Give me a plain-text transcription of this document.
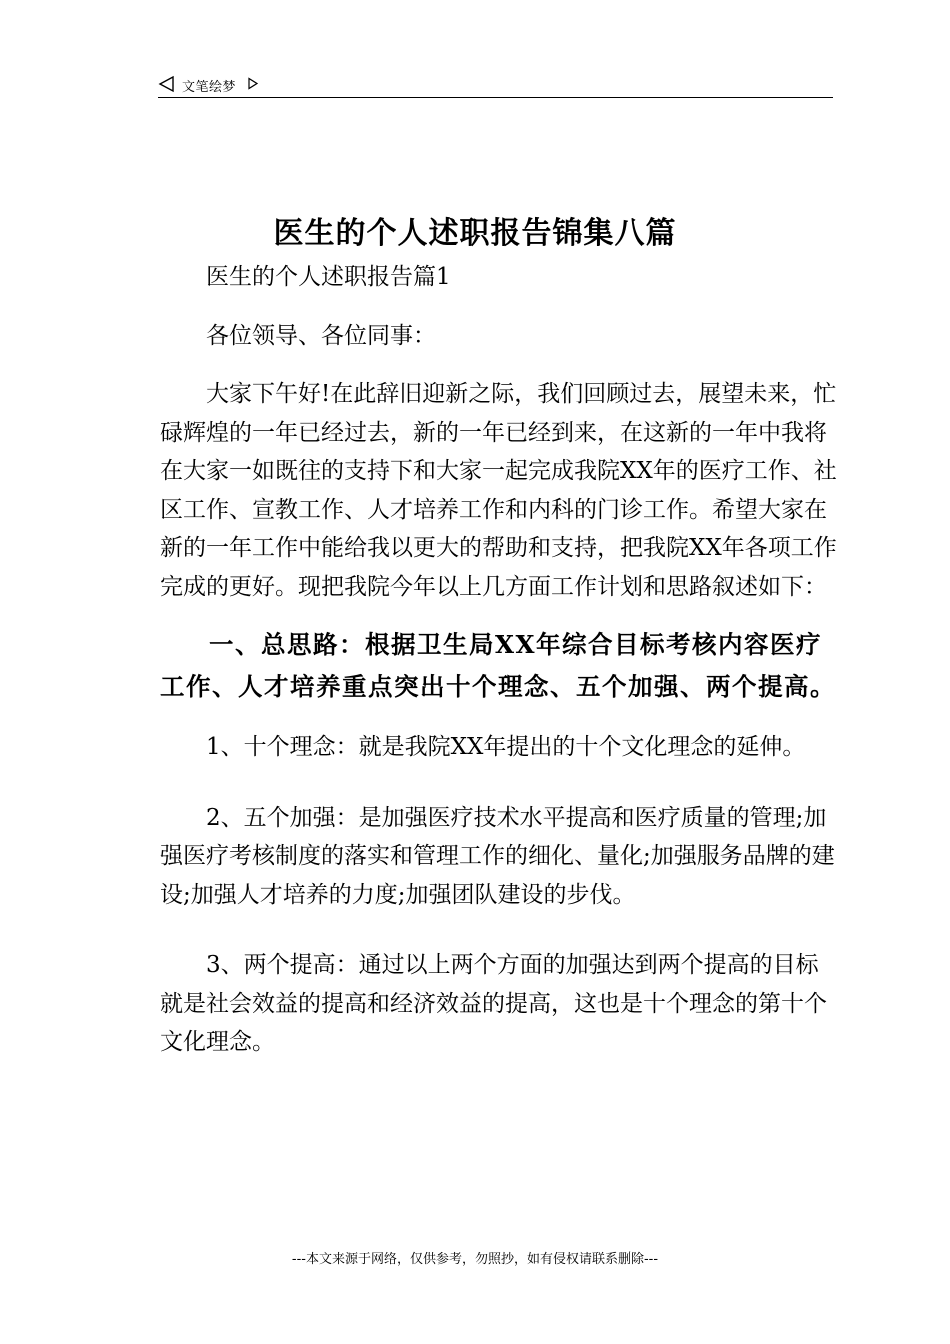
文笔绘梦
医生的个人述职报告锦集八篇

医生的个人述职报告篇1

各位领导、各位同事：

大家下午好!在此辞旧迎新之际，我们回顾过去，展望未来，忙碌辉煌的一年已经过去，新的一年已经到来，在这新的一年中我将在大家一如既往的支持下和大家一起完成我院XX年的医疗工作、社区工作、宣教工作、人才培养工作和内科的门诊工作。希望大家在新的一年工作中能给我以更大的帮助和支持，把我院XX年各项工作完成的更好。现把我院今年以上几方面工作计划和思路叙述如下：

一、总思路：根据卫生局XX年综合目标考核内容医疗工作、人才培养重点突出十个理念、五个加强、两个提高。

1、十个理念：就是我院XX年提出的十个文化理念的延伸。

2、五个加强：是加强医疗技术水平提高和医疗质量的管理;加强医疗考核制度的落实和管理工作的细化、量化;加强服务品牌的建设;加强人才培养的力度;加强团队建设的步伐。

3、两个提高：通过以上两个方面的加强达到两个提高的目标就是社会效益的提高和经济效益的提高，这也是十个理念的第十个文化理念。

---本文来源于网络，仅供参考，勿照抄，如有侵权请联系删除---
